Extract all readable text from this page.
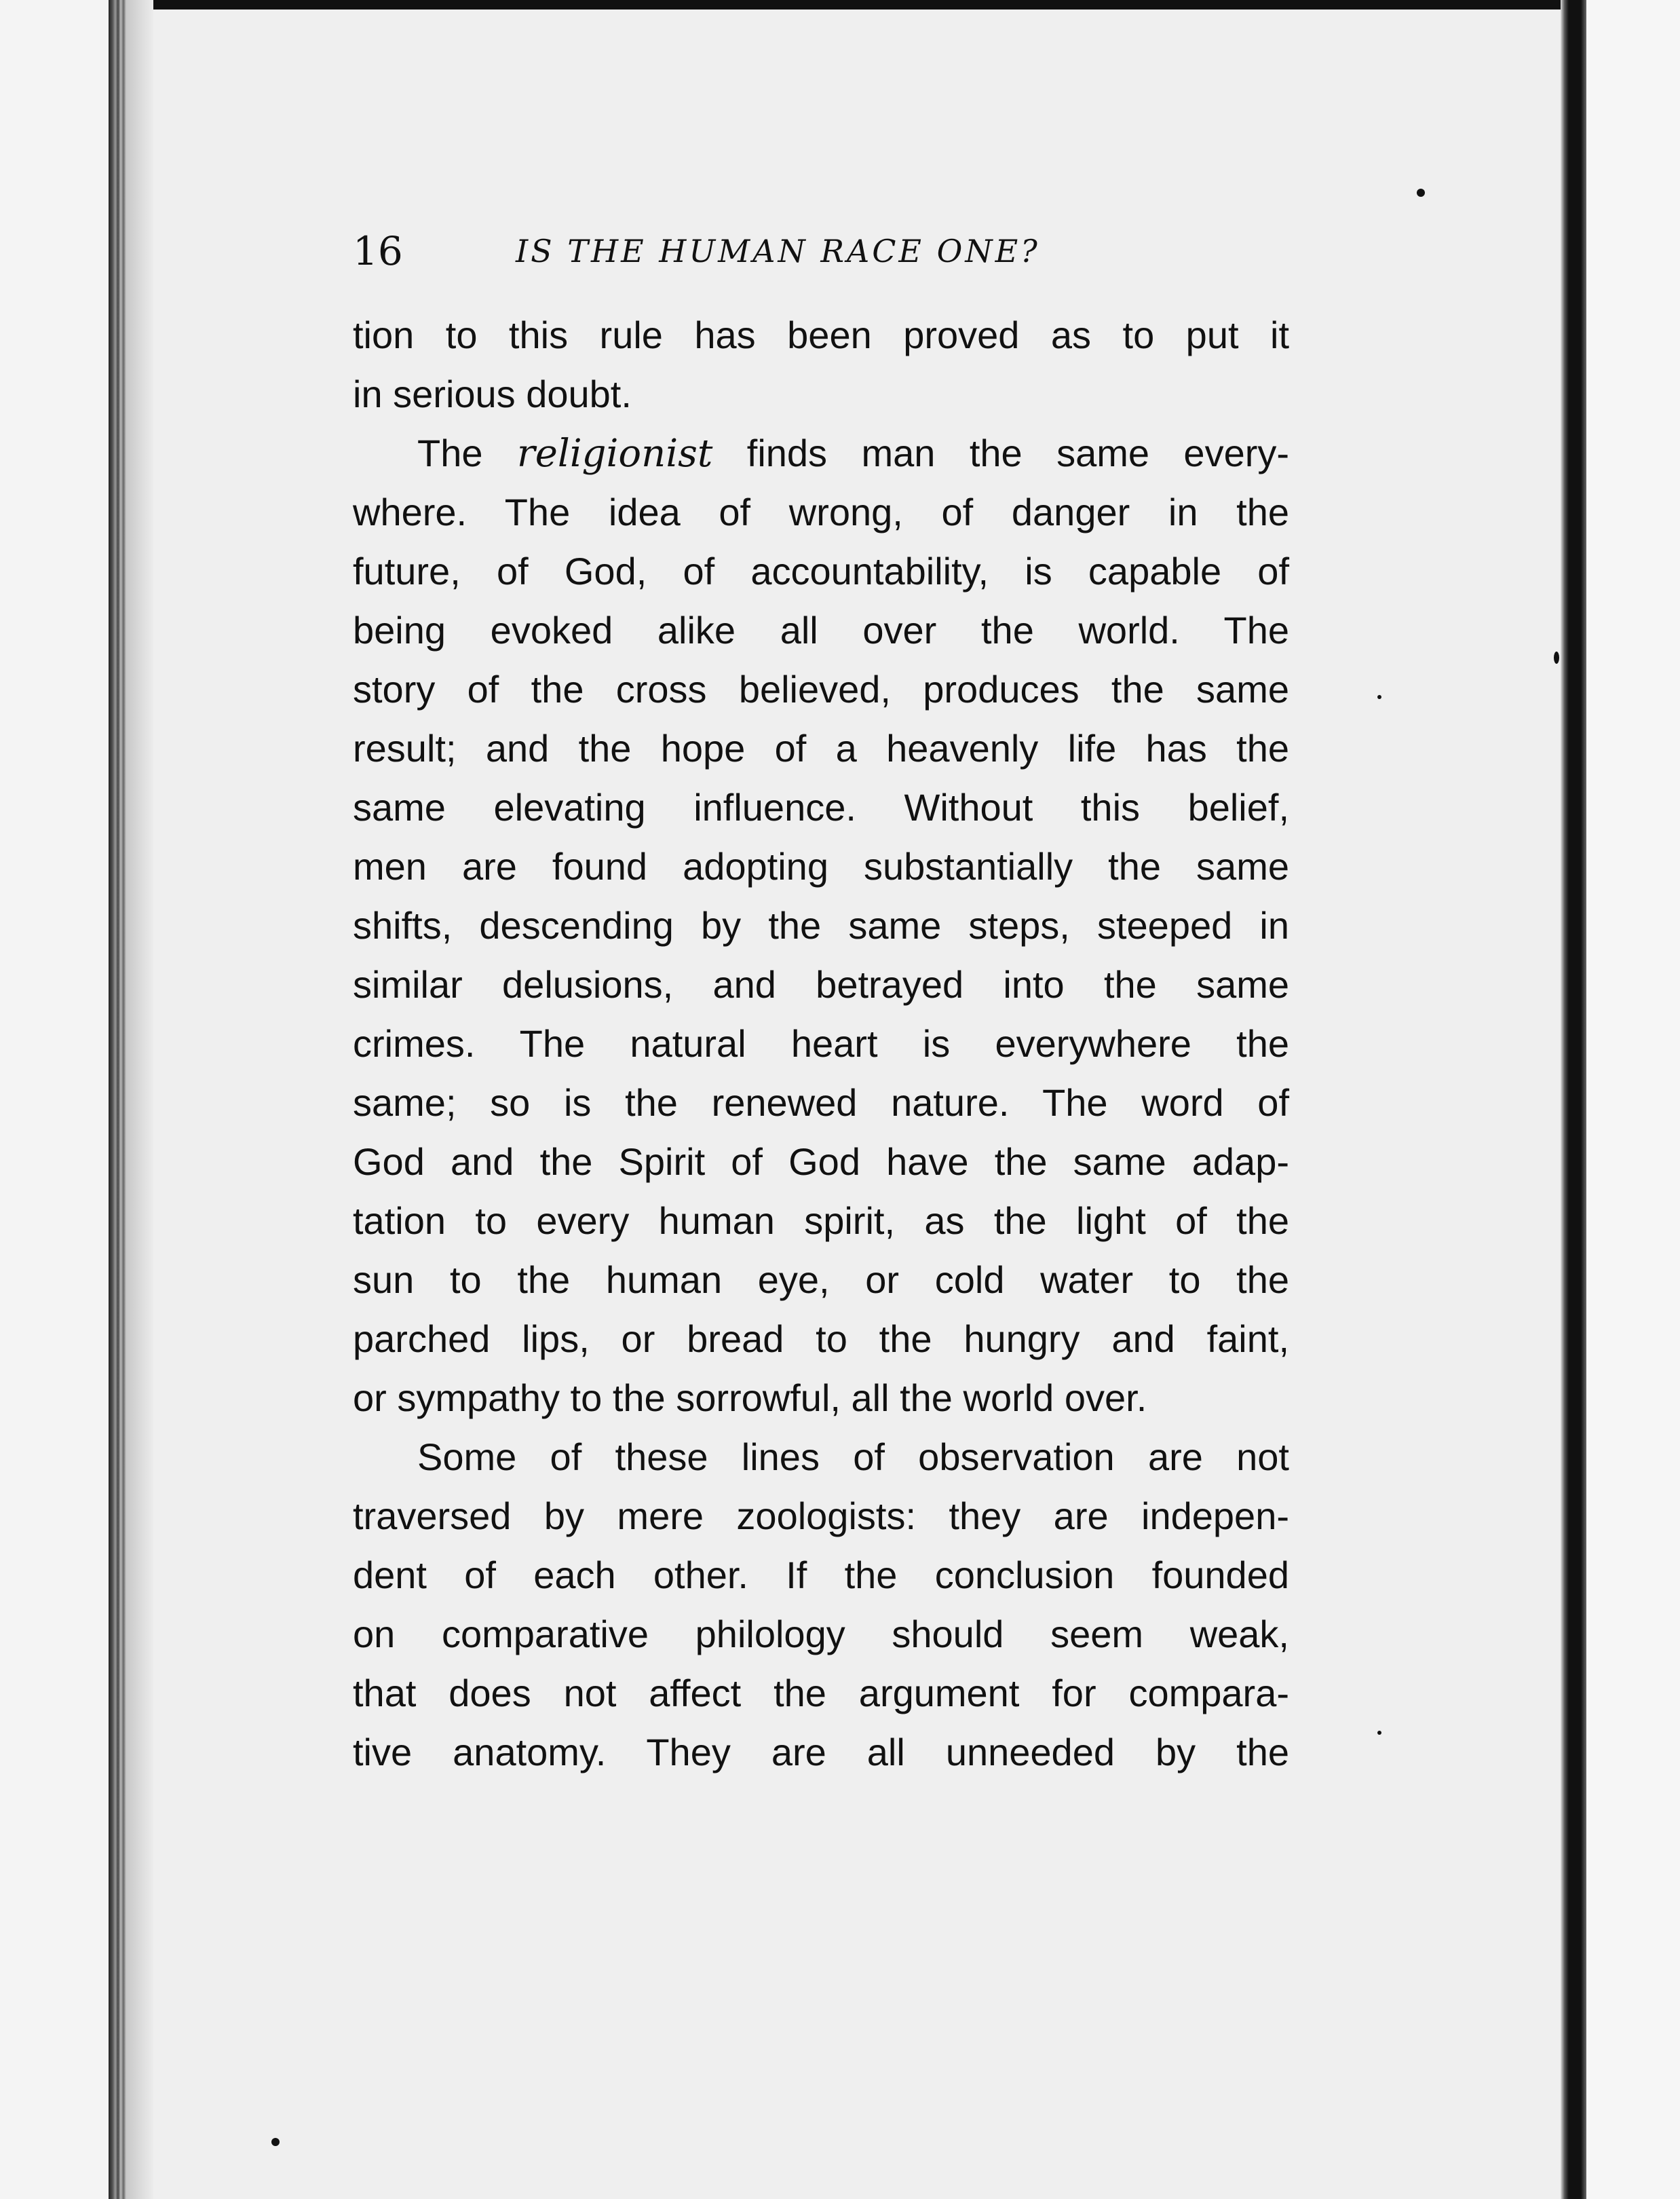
16	IS THE HUMAN RACE ONE?
tion to this rule has been proved as to put it
in serious doubt.
The religionist finds man the same every-
where. The idea of wrong, of danger in the
future, of God, of accountability, is capable of
being evoked alike all over the world. The
story of the cross believed, produces the same
result; and the hope of a heavenly life has the
same elevating influence. Without this belief,
men are found adopting substantially the same
shifts, descending by the same steps, steeped in
similar delusions, and betrayed into the same
crimes. The natural heart is everywhere the
same; so is the renewed nature. The word of
God and the Spirit of God have the same adap-
tation to every human spirit, as the light of the
sun to the human eye, or cold water to the
parched lips, or bread to the hungry and faint,
or sympathy to the sorrowful, all the world over.
Some of these lines of observation are not
traversed by mere zoologists: they are indepen-
dent of each other. If the conclusion founded
on comparative philology should seem weak,
that does not affect the argument for compara-
tive anatomy. They are all unneeded by the
